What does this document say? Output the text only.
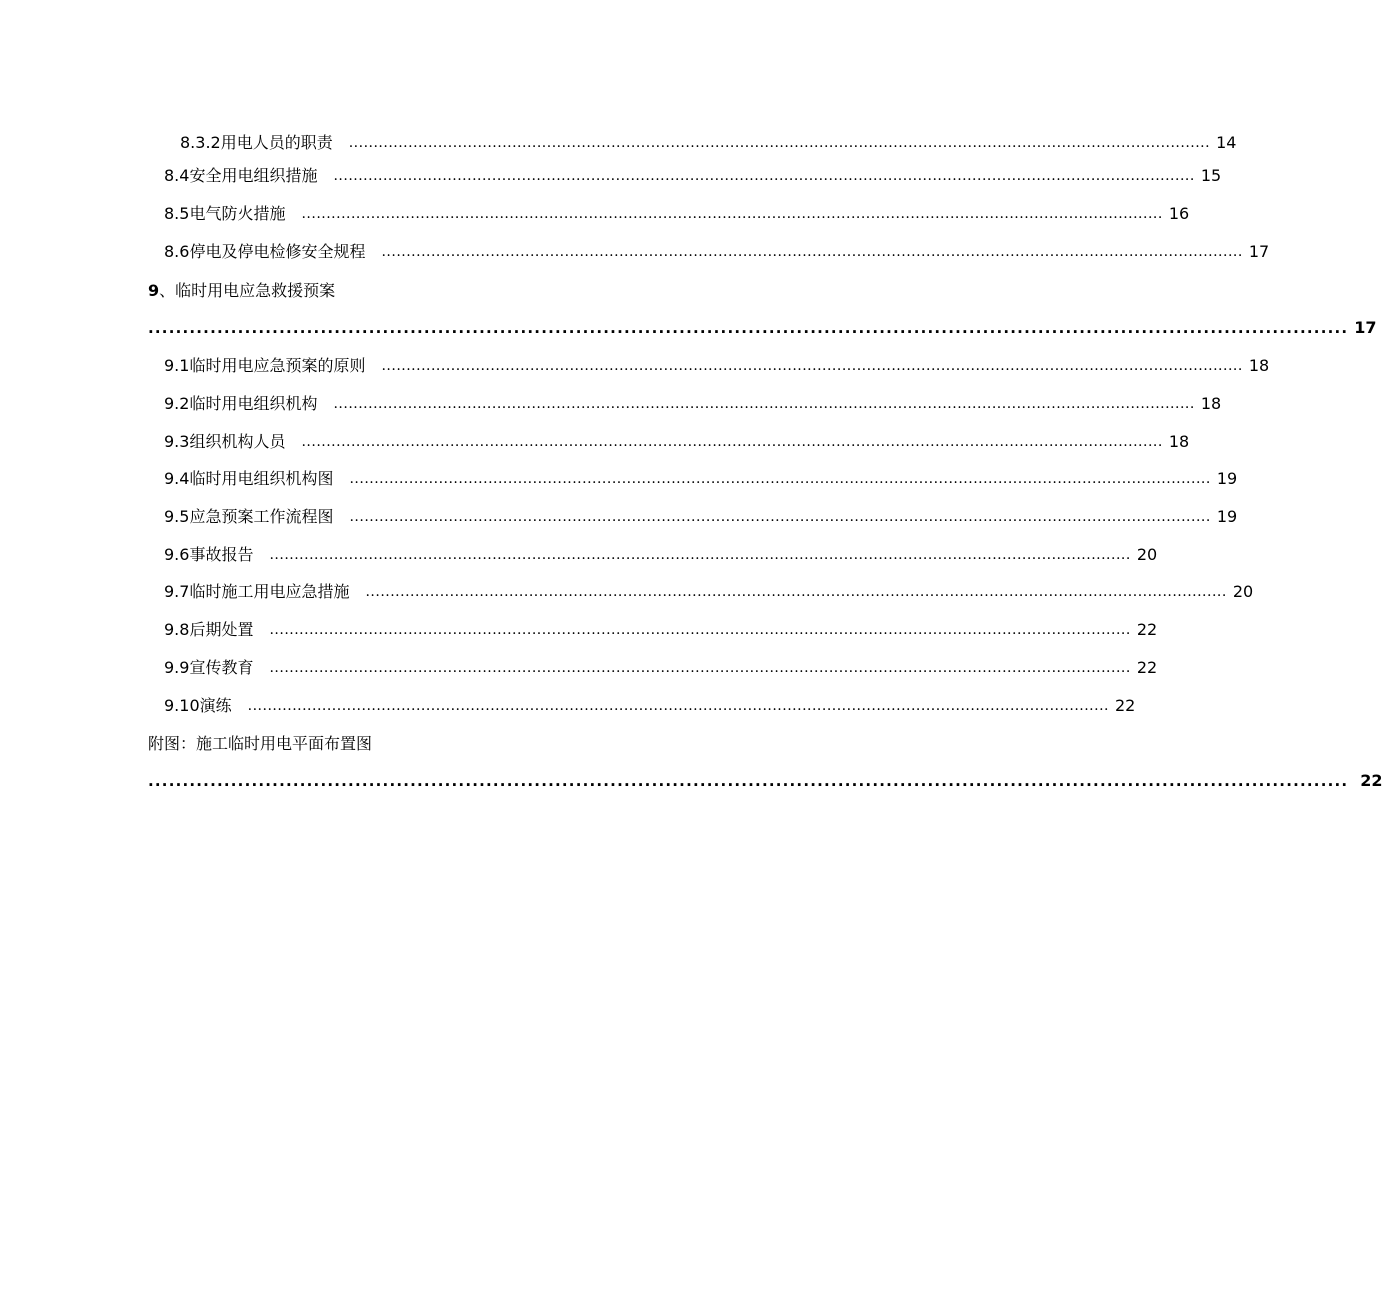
8.3.2 用电人员的职责 .............................................................................................................................................................................. 14
8.4 安全用电组织措施 .............................................................................................................................................................................. 15
8.5 电气防火措施 .............................................................................................................................................................................. 16
8.6 停电及停电检修安全规程 .............................................................................................................................................................................. 17
9 、临时用电应急救援预案
.............................................................................................................................................................................. 17
9.1 临时用电应急预案的原则 .............................................................................................................................................................................. 18
9.2 临时用电组织机构 .............................................................................................................................................................................. 18
9.3 组织机构人员 .............................................................................................................................................................................. 18
9.4 临时用电组织机构图 .............................................................................................................................................................................. 19
9.5 应急预案工作流程图 .............................................................................................................................................................................. 19
9.6 事故报告 .............................................................................................................................................................................. 20
9.7 临时施工用电应急措施 .............................................................................................................................................................................. 20
9.8 后期处置 .............................................................................................................................................................................. 22
9.9 宣传教育 .............................................................................................................................................................................. 22
9.10 演练 .............................................................................................................................................................................. 22
附图：施工临时用电平面布置图
.............................................................................................................................................................................. 22
